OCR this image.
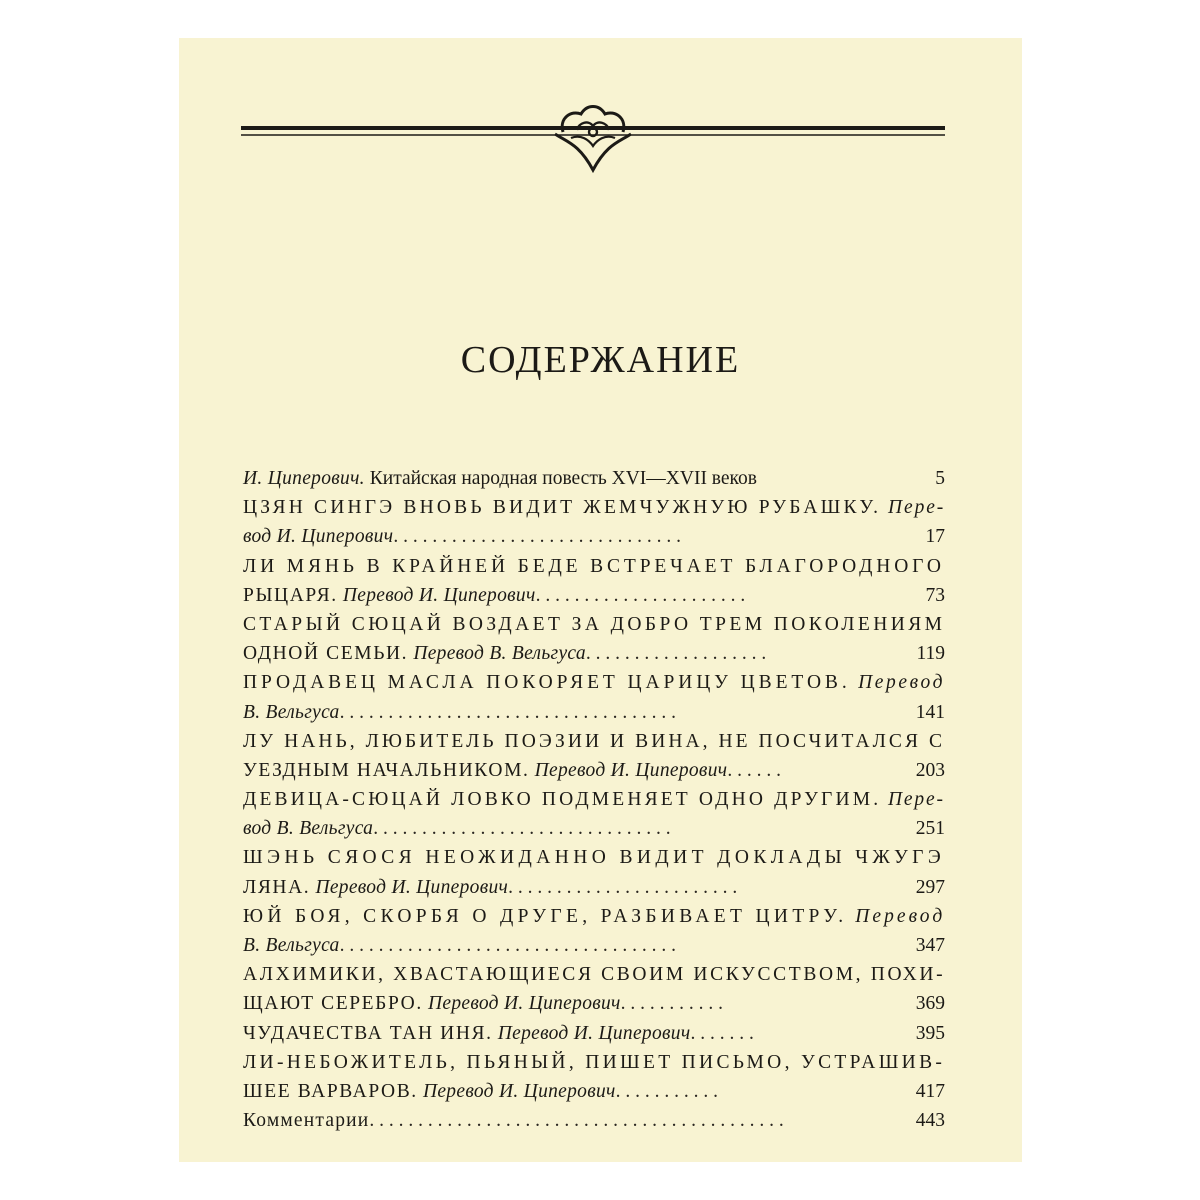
СОДЕРЖАНИЕ
И. Циперович. Китайская народная повесть XVI—XVII веков	5
ЦЗЯН СИНГЭ ВНОВЬ ВИДИТ ЖЕМЧУЖНУЮ РУБАШКУ. Пере-
вод И. Циперович. . . . . . . . . . . . . . . . . . . . . . . . . . . . . .	17
ЛИ МЯНЬ В КРАЙНЕЙ БЕДЕ ВСТРЕЧАЕТ БЛАГОРОДНОГО
РЫЦАРЯ. Перевод И. Циперович. . . . . . . . . . . . . . . . . . . . . .	73
СТАРЫЙ СЮЦАЙ ВОЗДАЕТ ЗА ДОБРО ТРЕМ ПОКОЛЕНИЯМ
ОДНОЙ СЕМЬИ. Перевод В. Вельгуса. . . . . . . . . . . . . . . . . . .	119
ПРОДАВЕЦ МАСЛА ПОКОРЯЕТ ЦАРИЦУ ЦВЕТОВ. Перевод
В. Вельгуса. . . . . . . . . . . . . . . . . . . . . . . . . . . . . . . . . . .	141
ЛУ НАНЬ, ЛЮБИТЕЛЬ ПОЭЗИИ И ВИНА, НЕ ПОСЧИТАЛСЯ С
УЕЗДНЫМ НАЧАЛЬНИКОМ. Перевод И. Циперович. . . . . .	203
ДЕВИЦА-СЮЦАЙ ЛОВКО ПОДМЕНЯЕТ ОДНО ДРУГИМ. Пере-
вод В. Вельгуса. . . . . . . . . . . . . . . . . . . . . . . . . . . . . . .	251
ШЭНЬ СЯОСЯ НЕОЖИДАННО ВИДИТ ДОКЛАДЫ ЧЖУГЭ
ЛЯНА. Перевод И. Циперович. . . . . . . . . . . . . . . . . . . . . . . .	297
ЮЙ БОЯ, СКОРБЯ О ДРУГЕ, РАЗБИВАЕТ ЦИТРУ. Перевод
В. Вельгуса. . . . . . . . . . . . . . . . . . . . . . . . . . . . . . . . . . .	347
АЛХИМИКИ, ХВАСТАЮЩИЕСЯ СВОИМ ИСКУССТВОМ, ПОХИ-
ЩАЮТ СЕРЕБРО. Перевод И. Циперович. . . . . . . . . . .	369
ЧУДАЧЕСТВА ТАН ИНЯ. Перевод И. Циперович. . . . . . .	395
ЛИ-НЕБОЖИТЕЛЬ, ПЬЯНЫЙ, ПИШЕТ ПИСЬМО, УСТРАШИВ-
ШЕЕ ВАРВАРОВ. Перевод И. Циперович. . . . . . . . . . .	417
Комментарии. . . . . . . . . . . . . . . . . . . . . . . . . . . . . . . . . . . . . . . . . . .	443
